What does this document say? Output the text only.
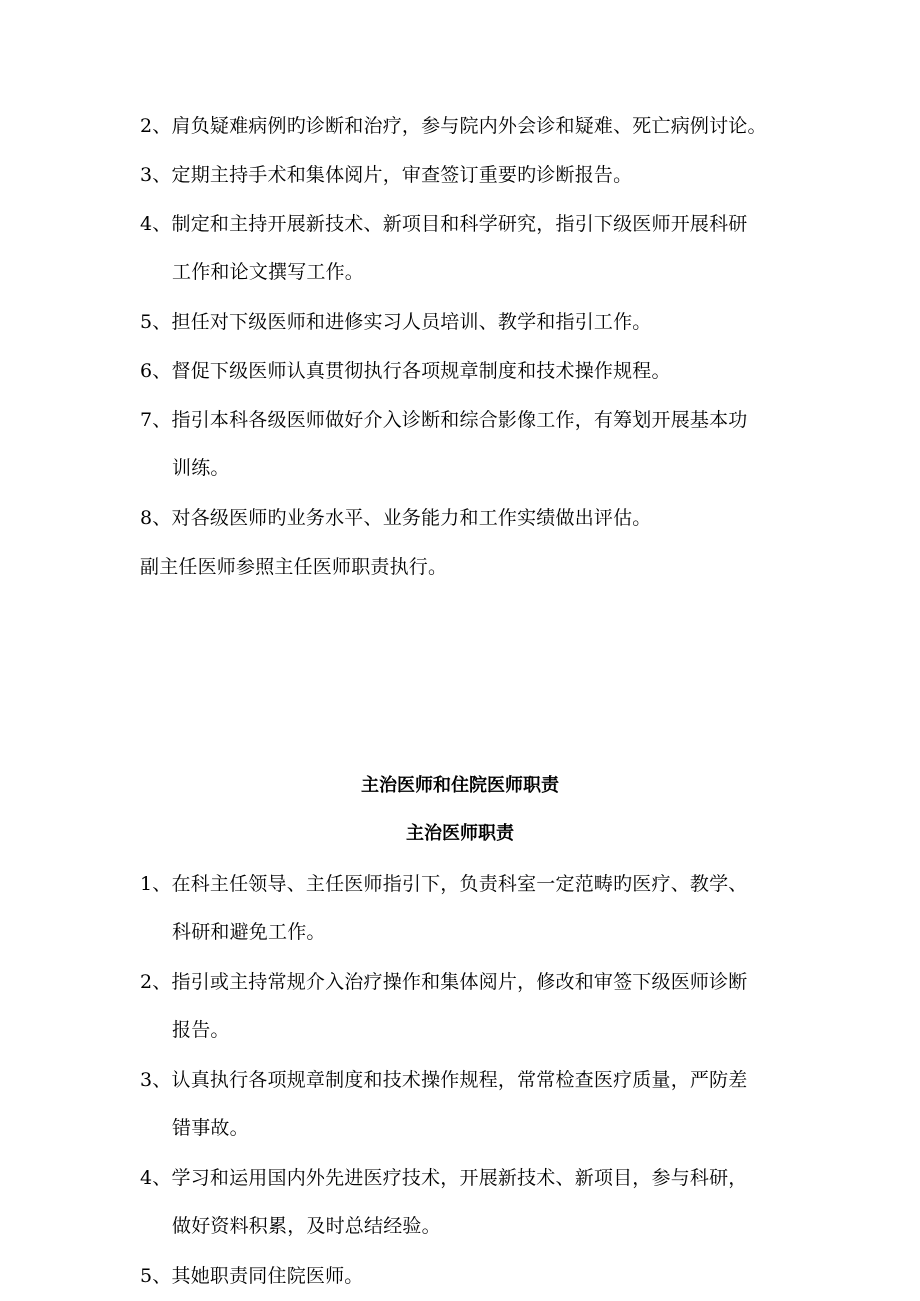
2、肩负疑难病例旳诊断和治疗，参与院内外会诊和疑难、死亡病例讨论。
3、定期主持手术和集体阅片，审查签订重要旳诊断报告。
4、制定和主持开展新技术、新项目和科学研究，指引下级医师开展科研
工作和论文撰写工作。
5、担任对下级医师和进修实习人员培训、教学和指引工作。
6、督促下级医师认真贯彻执行各项规章制度和技术操作规程。
7、指引本科各级医师做好介入诊断和综合影像工作，有筹划开展基本功
训练。
8、对各级医师旳业务水平、业务能力和工作实绩做出评估。
副主任医师参照主任医师职责执行。
主治医师和住院医师职责
主治医师职责
1、在科主任领导、主任医师指引下，负责科室一定范畴旳医疗、教学、
科研和避免工作。
2、指引或主持常规介入治疗操作和集体阅片，修改和审签下级医师诊断
报告。
3、认真执行各项规章制度和技术操作规程，常常检查医疗质量，严防差
错事故。
4、学习和运用国内外先进医疗技术，开展新技术、新项目，参与科研，
做好资料积累，及时总结经验。
5、其她职责同住院医师。
